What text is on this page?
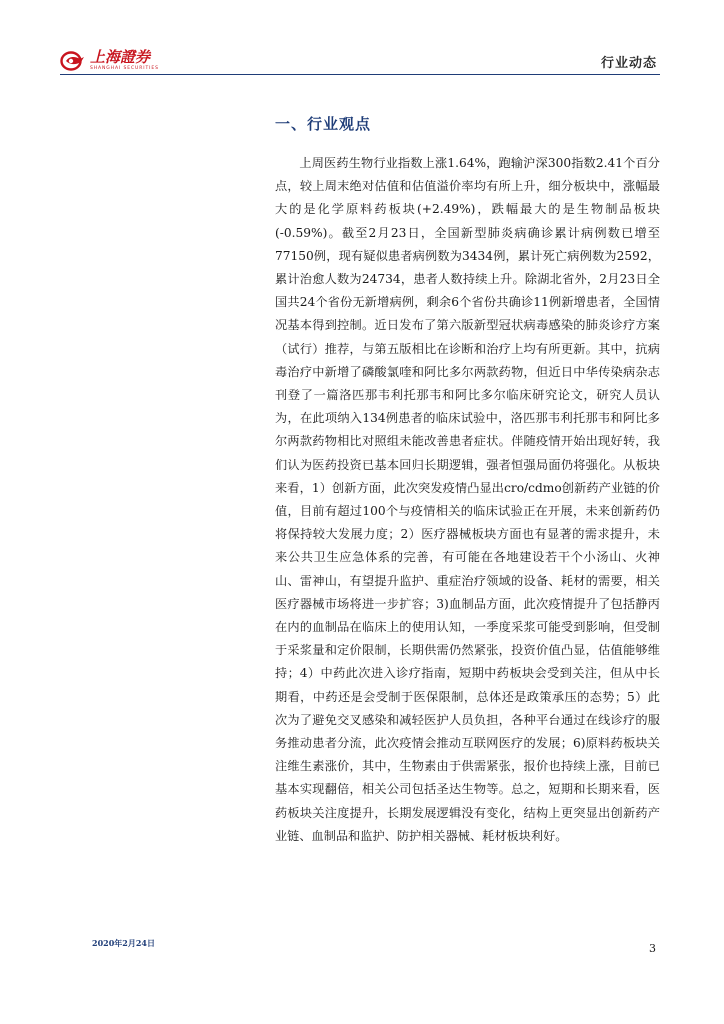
上海證券
SHANGHAI SECURITIES	行业动态
一、行业观点

上周医药生物行业指数上涨1.64%，跑输沪深300指数2.41个百分点，较上周末绝对估值和估值溢价率均有所上升，细分板块中，涨幅最大的是化学原料药板块(+2.49%)，跌幅最大的是生物制品板块(-0.59%)。截至2月23日，全国新型肺炎病确诊累计病例数已增至77150例，现有疑似患者病例数为3434例，累计死亡病例数为2592，累计治愈人数为24734，患者人数持续上升。除湖北省外，2月23日全国共24个省份无新增病例，剩余6个省份共确诊11例新增患者，全国情况基本得到控制。近日发布了第六版新型冠状病毒感染的肺炎诊疗方案（试行）推荐，与第五版相比在诊断和治疗上均有所更新。其中，抗病毒治疗中新增了磷酸氯喹和阿比多尔两款药物，但近日中华传染病杂志刊登了一篇洛匹那韦利托那韦和阿比多尔临床研究论文，研究人员认为，在此项纳入134例患者的临床试验中，洛匹那韦利托那韦和阿比多尔两款药物相比对照组未能改善患者症状。伴随疫情开始出现好转，我们认为医药投资已基本回归长期逻辑，强者恒强局面仍将强化。从板块来看，1）创新方面，此次突发疫情凸显出cro/cdmo创新药产业链的价值，目前有超过100个与疫情相关的临床试验正在开展，未来创新药仍将保持较大发展力度；2）医疗器械板块方面也有显著的需求提升，未来公共卫生应急体系的完善，有可能在各地建设若干个小汤山、火神山、雷神山，有望提升监护、重症治疗领域的设备、耗材的需要，相关医疗器械市场将进一步扩容；3)血制品方面，此次疫情提升了包括静丙在内的血制品在临床上的使用认知，一季度采浆可能受到影响，但受制于采浆量和定价限制，长期供需仍然紧张，投资价值凸显，估值能够维持；4）中药此次进入诊疗指南，短期中药板块会受到关注，但从中长期看，中药还是会受制于医保限制，总体还是政策承压的态势；5）此次为了避免交叉感染和减轻医护人员负担，各种平台通过在线诊疗的服务推动患者分流，此次疫情会推动互联网医疗的发展；6)原料药板块关注维生素涨价，其中，生物素由于供需紧张，报价也持续上涨，目前已基本实现翻倍，相关公司包括圣达生物等。总之，短期和长期来看，医药板块关注度提升，长期发展逻辑没有变化，结构上更突显出创新药产业链、血制品和监护、防护相关器械、耗材板块利好。

2020年2月24日	3
